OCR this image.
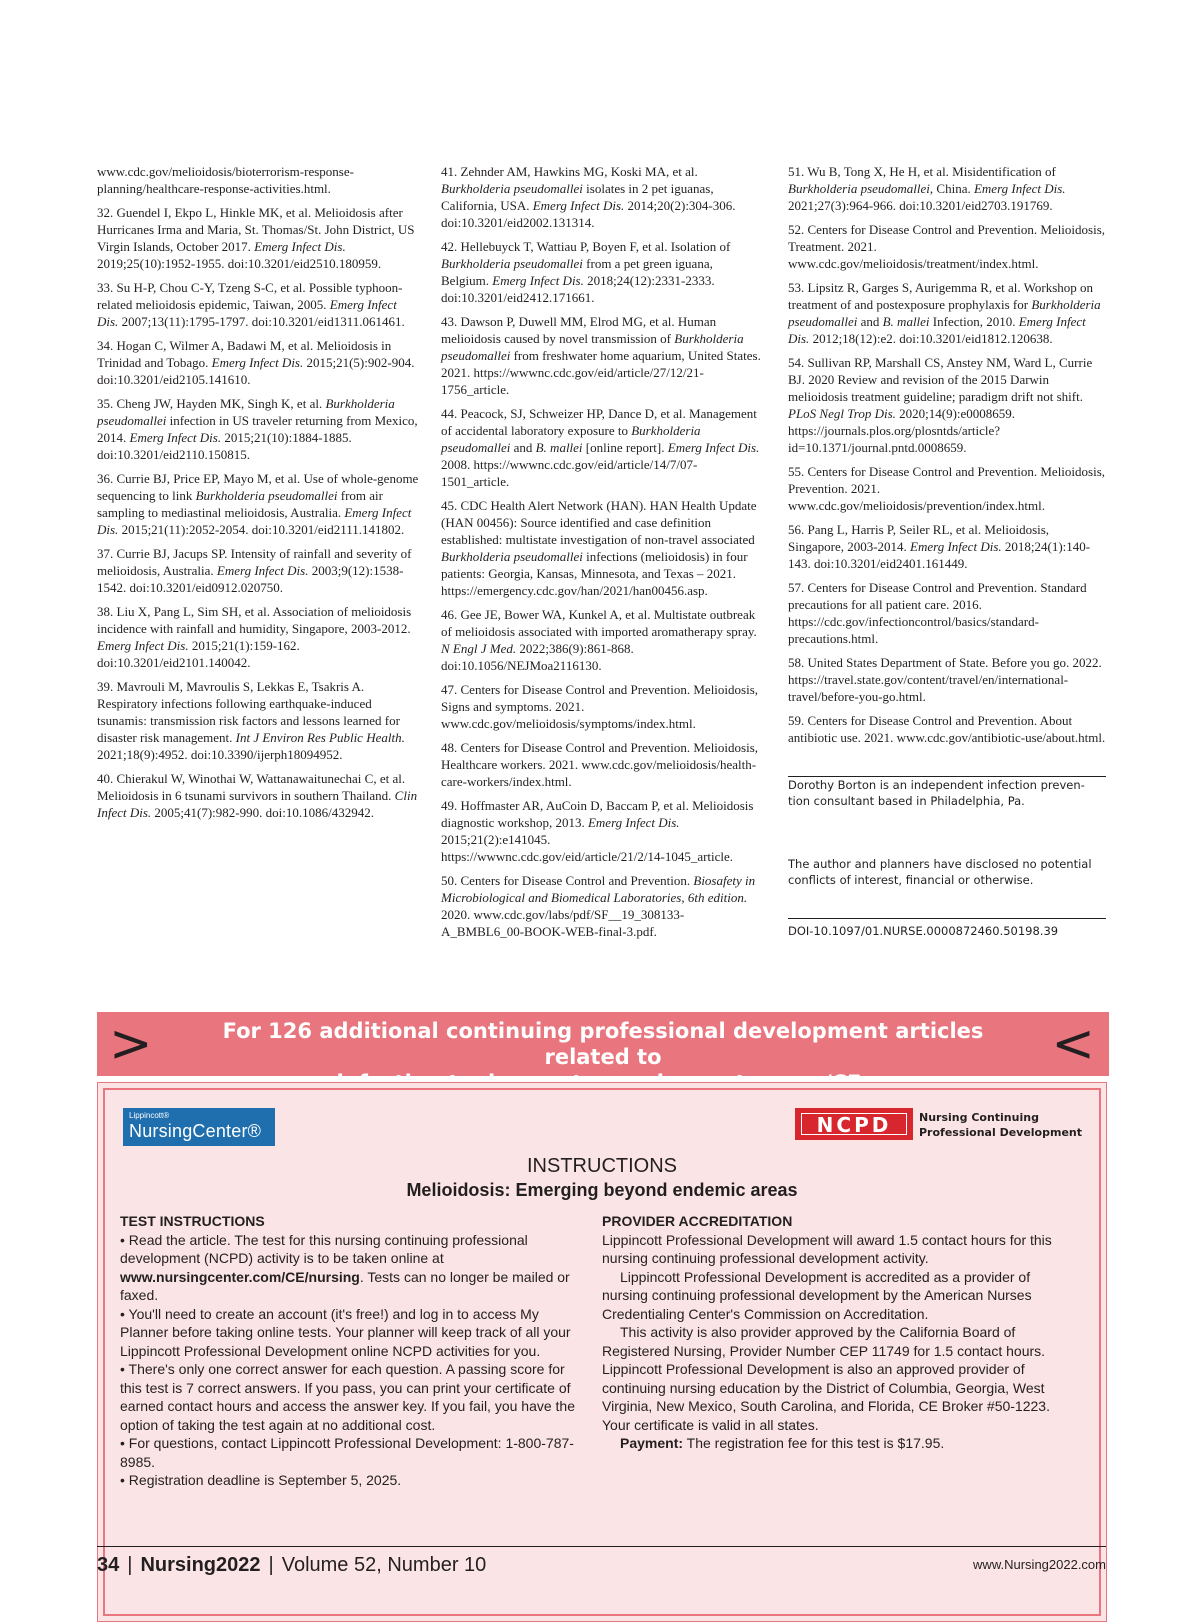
www.cdc.gov/melioidosis/bioterrorism-response-planning/healthcare-response-activities.html.

32. Guendel I, Ekpo L, Hinkle MK, et al. Melioidosis after Hurricanes Irma and Maria, St. Thomas/St. John District, US Virgin Islands, October 2017. Emerg Infect Dis. 2019;25(10):1952-1955. doi:10.3201/eid2510.180959.

33. Su H-P, Chou C-Y, Tzeng S-C, et al. Possible typhoon-related melioidosis epidemic, Taiwan, 2005. Emerg Infect Dis. 2007;13(11):1795-1797. doi:10.3201/eid1311.061461.

34. Hogan C, Wilmer A, Badawi M, et al. Melioidosis in Trinidad and Tobago. Emerg Infect Dis. 2015;21(5):902-904. doi:10.3201/eid2105.141610.

35. Cheng JW, Hayden MK, Singh K, et al. Burkholderia pseudomallei infection in US traveler returning from Mexico, 2014. Emerg Infect Dis. 2015;21(10):1884-1885. doi:10.3201/eid2110.150815.

36. Currie BJ, Price EP, Mayo M, et al. Use of whole-genome sequencing to link Burkholderia pseudomallei from air sampling to mediastinal melioidosis, Australia. Emerg Infect Dis. 2015;21(11):2052-2054. doi:10.3201/eid2111.141802.

37. Currie BJ, Jacups SP. Intensity of rainfall and severity of melioidosis, Australia. Emerg Infect Dis. 2003;9(12):1538-1542. doi:10.3201/eid0912.020750.

38. Liu X, Pang L, Sim SH, et al. Association of melioidosis incidence with rainfall and humidity, Singapore, 2003-2012. Emerg Infect Dis. 2015;21(1):159-162. doi:10.3201/eid2101.140042.

39. Mavrouli M, Mavroulis S, Lekkas E, Tsakris A. Respiratory infections following earthquake-induced tsunamis: transmission risk factors and lessons learned for disaster risk management. Int J Environ Res Public Health. 2021;18(9):4952. doi:10.3390/ijerph18094952.

40. Chierakul W, Winothai W, Wattanawaitunechai C, et al. Melioidosis in 6 tsunami survivors in southern Thailand. Clin Infect Dis. 2005;41(7):982-990. doi:10.1086/432942.

41. Zehnder AM, Hawkins MG, Koski MA, et al. Burkholderia pseudomallei isolates in 2 pet iguanas, California, USA. Emerg Infect Dis. 2014;20(2):304-306. doi:10.3201/eid2002.131314.

42. Hellebuyck T, Wattiau P, Boyen F, et al. Isolation of Burkholderia pseudomallei from a pet green iguana, Belgium. Emerg Infect Dis. 2018;24(12):2331-2333. doi:10.3201/eid2412.171661.

43. Dawson P, Duwell MM, Elrod MG, et al. Human melioidosis caused by novel transmission of Burkholderia pseudomallei from freshwater home aquarium, United States. 2021. https://wwwnc.cdc.gov/eid/article/27/12/21-1756_article.

44. Peacock, SJ, Schweizer HP, Dance D, et al. Management of accidental laboratory exposure to Burkholderia pseudomallei and B. mallei [online report]. Emerg Infect Dis. 2008. https://wwwnc.cdc.gov/eid/article/14/7/07-1501_article.

45. CDC Health Alert Network (HAN). HAN Health Update (HAN 00456): Source identified and case definition established: multistate investigation of non-travel associated Burkholderia pseudomallei infections (melioidosis) in four patients: Georgia, Kansas, Minnesota, and Texas – 2021. https://emergency.cdc.gov/han/2021/han00456.asp.

46. Gee JE, Bower WA, Kunkel A, et al. Multistate outbreak of melioidosis associated with imported aromatherapy spray. N Engl J Med. 2022;386(9):861-868. doi:10.1056/NEJMoa2116130.

47. Centers for Disease Control and Prevention. Melioidosis, Signs and symptoms. 2021. www.cdc.gov/melioidosis/symptoms/index.html.

48. Centers for Disease Control and Prevention. Melioidosis, Healthcare workers. 2021. www.cdc.gov/melioidosis/health-care-workers/index.html.

49. Hoffmaster AR, AuCoin D, Baccam P, et al. Melioidosis diagnostic workshop, 2013. Emerg Infect Dis. 2015;21(2):e141045. https://wwwnc.cdc.gov/eid/article/21/2/14-1045_article.

50. Centers for Disease Control and Prevention. Biosafety in Microbiological and Biomedical Laboratories, 6th edition. 2020. www.cdc.gov/labs/pdf/SF__19_308133-A_BMBL6_00-BOOK-WEB-final-3.pdf.

51. Wu B, Tong X, He H, et al. Misidentification of Burkholderia pseudomallei, China. Emerg Infect Dis. 2021;27(3):964-966. doi:10.3201/eid2703.191769.

52. Centers for Disease Control and Prevention. Melioidosis, Treatment. 2021. www.cdc.gov/melioidosis/treatment/index.html.

53. Lipsitz R, Garges S, Aurigemma R, et al. Workshop on treatment of and postexposure prophylaxis for Burkholderia pseudomallei and B. mallei Infection, 2010. Emerg Infect Dis. 2012;18(12):e2. doi:10.3201/eid1812.120638.

54. Sullivan RP, Marshall CS, Anstey NM, Ward L, Currie BJ. 2020 Review and revision of the 2015 Darwin melioidosis treatment guideline; paradigm drift not shift. PLoS Negl Trop Dis. 2020;14(9):e0008659. https://journals.plos.org/plosntds/article?id=10.1371/journal.pntd.0008659.

55. Centers for Disease Control and Prevention. Melioidosis, Prevention. 2021. www.cdc.gov/melioidosis/prevention/index.html.

56. Pang L, Harris P, Seiler RL, et al. Melioidosis, Singapore, 2003-2014. Emerg Infect Dis. 2018;24(1):140-143. doi:10.3201/eid2401.161449.

57. Centers for Disease Control and Prevention. Standard precautions for all patient care. 2016. https://cdc.gov/infectioncontrol/basics/standard-precautions.html.

58. United States Department of State. Before you go. 2022. https://travel.state.gov/content/travel/en/international-travel/before-you-go.html.

59. Centers for Disease Control and Prevention. About antibiotic use. 2021. www.cdc.gov/antibiotic-use/about.html.

Dorothy Borton is an independent infection preven-
tion consultant based in Philadelphia, Pa.

The author and planners have disclosed no potential
conflicts of interest, financial or otherwise.

DOI-10.1097/01.NURSE.0000872460.50198.39

>	For 126 additional continuing professional development articles related to	<
Lippincott®
NursingCenter®	NCPD	Nursing Continuing
Professional Development
INSTRUCTIONS
Melioidosis: Emerging beyond endemic areas

TEST INSTRUCTIONS

• Read the article. The test for this nursing continuing professional development (NCPD) activity is to be taken online at www.nursingcenter.com/CE/nursing. Tests can no longer be mailed or faxed.

• You'll need to create an account (it's free!) and log in to access My Planner before taking online tests. Your planner will keep track of all your Lippincott Professional Development online NCPD activities for you.

• There's only one correct answer for each question. A passing score for this test is 7 correct answers. If you pass, you can print your certificate of earned contact hours and access the answer key. If you fail, you have the option of taking the test again at no additional cost.

• For questions, contact Lippincott Professional Development: 1-800-787-8985.

• Registration deadline is September 5, 2025.

PROVIDER ACCREDITATION

Lippincott Professional Development will award 1.5 contact hours for this nursing continuing professional development activity.

Lippincott Professional Development is accredited as a provider of nursing continuing professional development by the American Nurses Credentialing Center's Commission on Accreditation.

This activity is also provider approved by the California Board of Registered Nursing, Provider Number CEP 11749 for 1.5 contact hours. Lippincott Professional Development is also an approved provider of continuing nursing education by the District of Columbia, Georgia, West Virginia, New Mexico, South Carolina, and Florida, CE Broker #50-1223. Your certificate is valid in all states.

Payment: The registration fee for this test is $17.95.

34 | Nursing2022 | Volume 52, Number 10	www.Nursing2022.com
